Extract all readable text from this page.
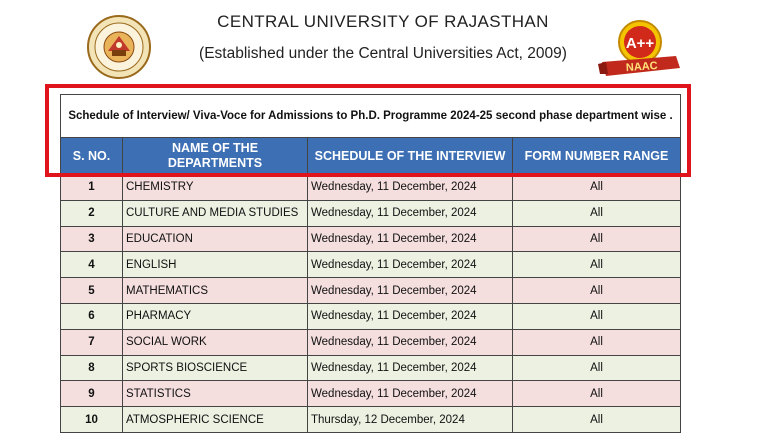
CENTRAL UNIVERSITY OF RAJASTHAN
(Established under the Central Universities Act, 2009)
A++
NAAC
Schedule of Interview/ Viva-Voce for Admissions to Ph.D. Programme 2024-25 second phase department wise .			
S. NO.	NAME OF THE DEPARTMENTS	SCHEDULE OF THE INTERVIEW	FORM NUMBER RANGE
1	CHEMISTRY	Wednesday, 11 December, 2024	All
2	CULTURE AND MEDIA STUDIES	Wednesday, 11 December, 2024	All
3	EDUCATION	Wednesday, 11 December, 2024	All
4	ENGLISH	Wednesday, 11 December, 2024	All
5	MATHEMATICS	Wednesday, 11 December, 2024	All
6	PHARMACY	Wednesday, 11 December, 2024	All
7	SOCIAL WORK	Wednesday, 11 December, 2024	All
8	SPORTS BIOSCIENCE	Wednesday, 11 December, 2024	All
9	STATISTICS	Wednesday, 11 December, 2024	All
10	ATMOSPHERIC SCIENCE	Thursday, 12 December, 2024	All
